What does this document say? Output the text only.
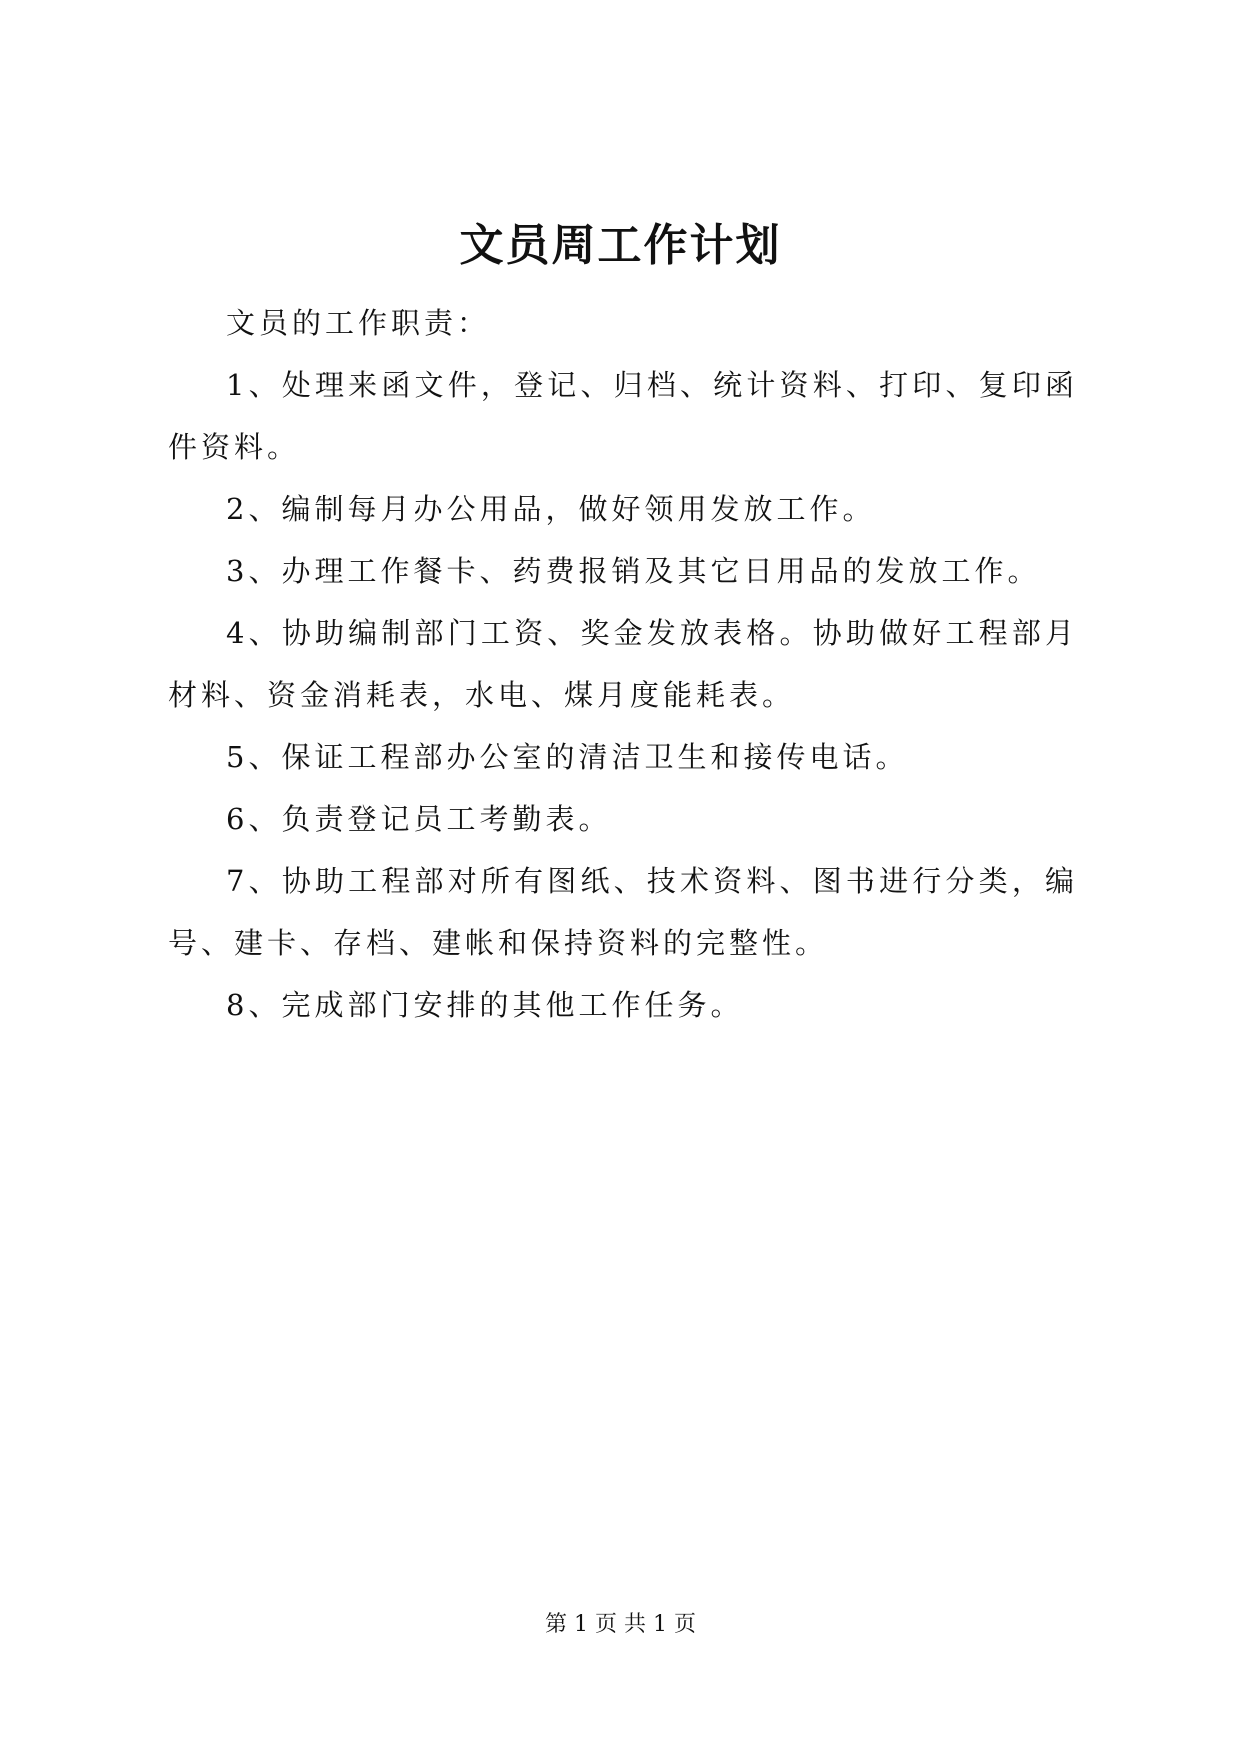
文员周工作计划

文员的工作职责：

1、处理来函文件，登记、归档、统计资料、打印、复印函件资料。

2、编制每月办公用品，做好领用发放工作。

3、办理工作餐卡、药费报销及其它日用品的发放工作。

4、协助编制部门工资、奖金发放表格。协助做好工程部月材料、资金消耗表，水电、煤月度能耗表。

5、保证工程部办公室的清洁卫生和接传电话。

6、负责登记员工考勤表。

7、协助工程部对所有图纸、技术资料、图书进行分类，编号、建卡、存档、建帐和保持资料的完整性。

8、完成部门安排的其他工作任务。

第 1 页 共 1 页
